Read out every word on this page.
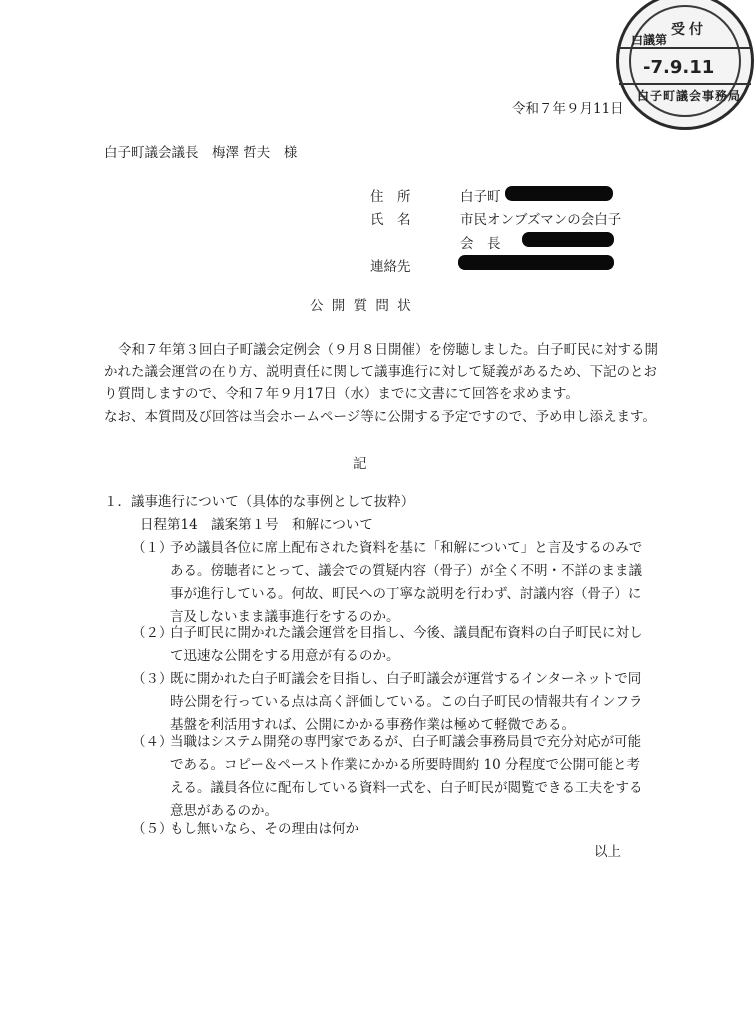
受付
白議第
-7.9.11
白子町議会事務局
令和７年９月11日
白子町議会議長　梅澤 哲夫　様
住　所	白子町
氏　名	市民オンブズマンの会白子
会　長
連絡先
公 開 質 問 状
令和７年第３回白子町議会定例会（９月８日開催）を傍聴しました。白子町民に対する開
かれた議会運営の在り方、説明責任に関して議事進行に対して疑義があるため、下記のとお
り質問しますので、令和７年９月17日（水）までに文書にて回答を求めます。
なお、本質問及び回答は当会ホームページ等に公開する予定ですので、予め申し添えます。
記
１．議事進行について（具体的な事例として抜粋）
日程第14　議案第１号　和解について
（１）
予め議員各位に席上配布された資料を基に「和解について」と言及するのみで
ある。傍聴者にとって、議会での質疑内容（骨子）が全く不明・不詳のまま議
事が進行している。何故、町民への丁寧な説明を行わず、討議内容（骨子）に
言及しないまま議事進行をするのか。
（２）
白子町民に開かれた議会運営を目指し、今後、議員配布資料の白子町民に対し
て迅速な公開をする用意が有るのか。
（３）
既に開かれた白子町議会を目指し、白子町議会が運営するインターネットで同
時公開を行っている点は高く評価している。この白子町民の情報共有インフラ
基盤を利活用すれば、公開にかかる事務作業は極めて軽微である。
（４）
当職はシステム開発の専門家であるが、白子町議会事務局員で充分対応が可能
である。コピー＆ペースト作業にかかる所要時間約 10 分程度で公開可能と考
える。議員各位に配布している資料一式を、白子町民が閲覧できる工夫をする
意思があるのか。
（５）
もし無いなら、その理由は何か
以上
